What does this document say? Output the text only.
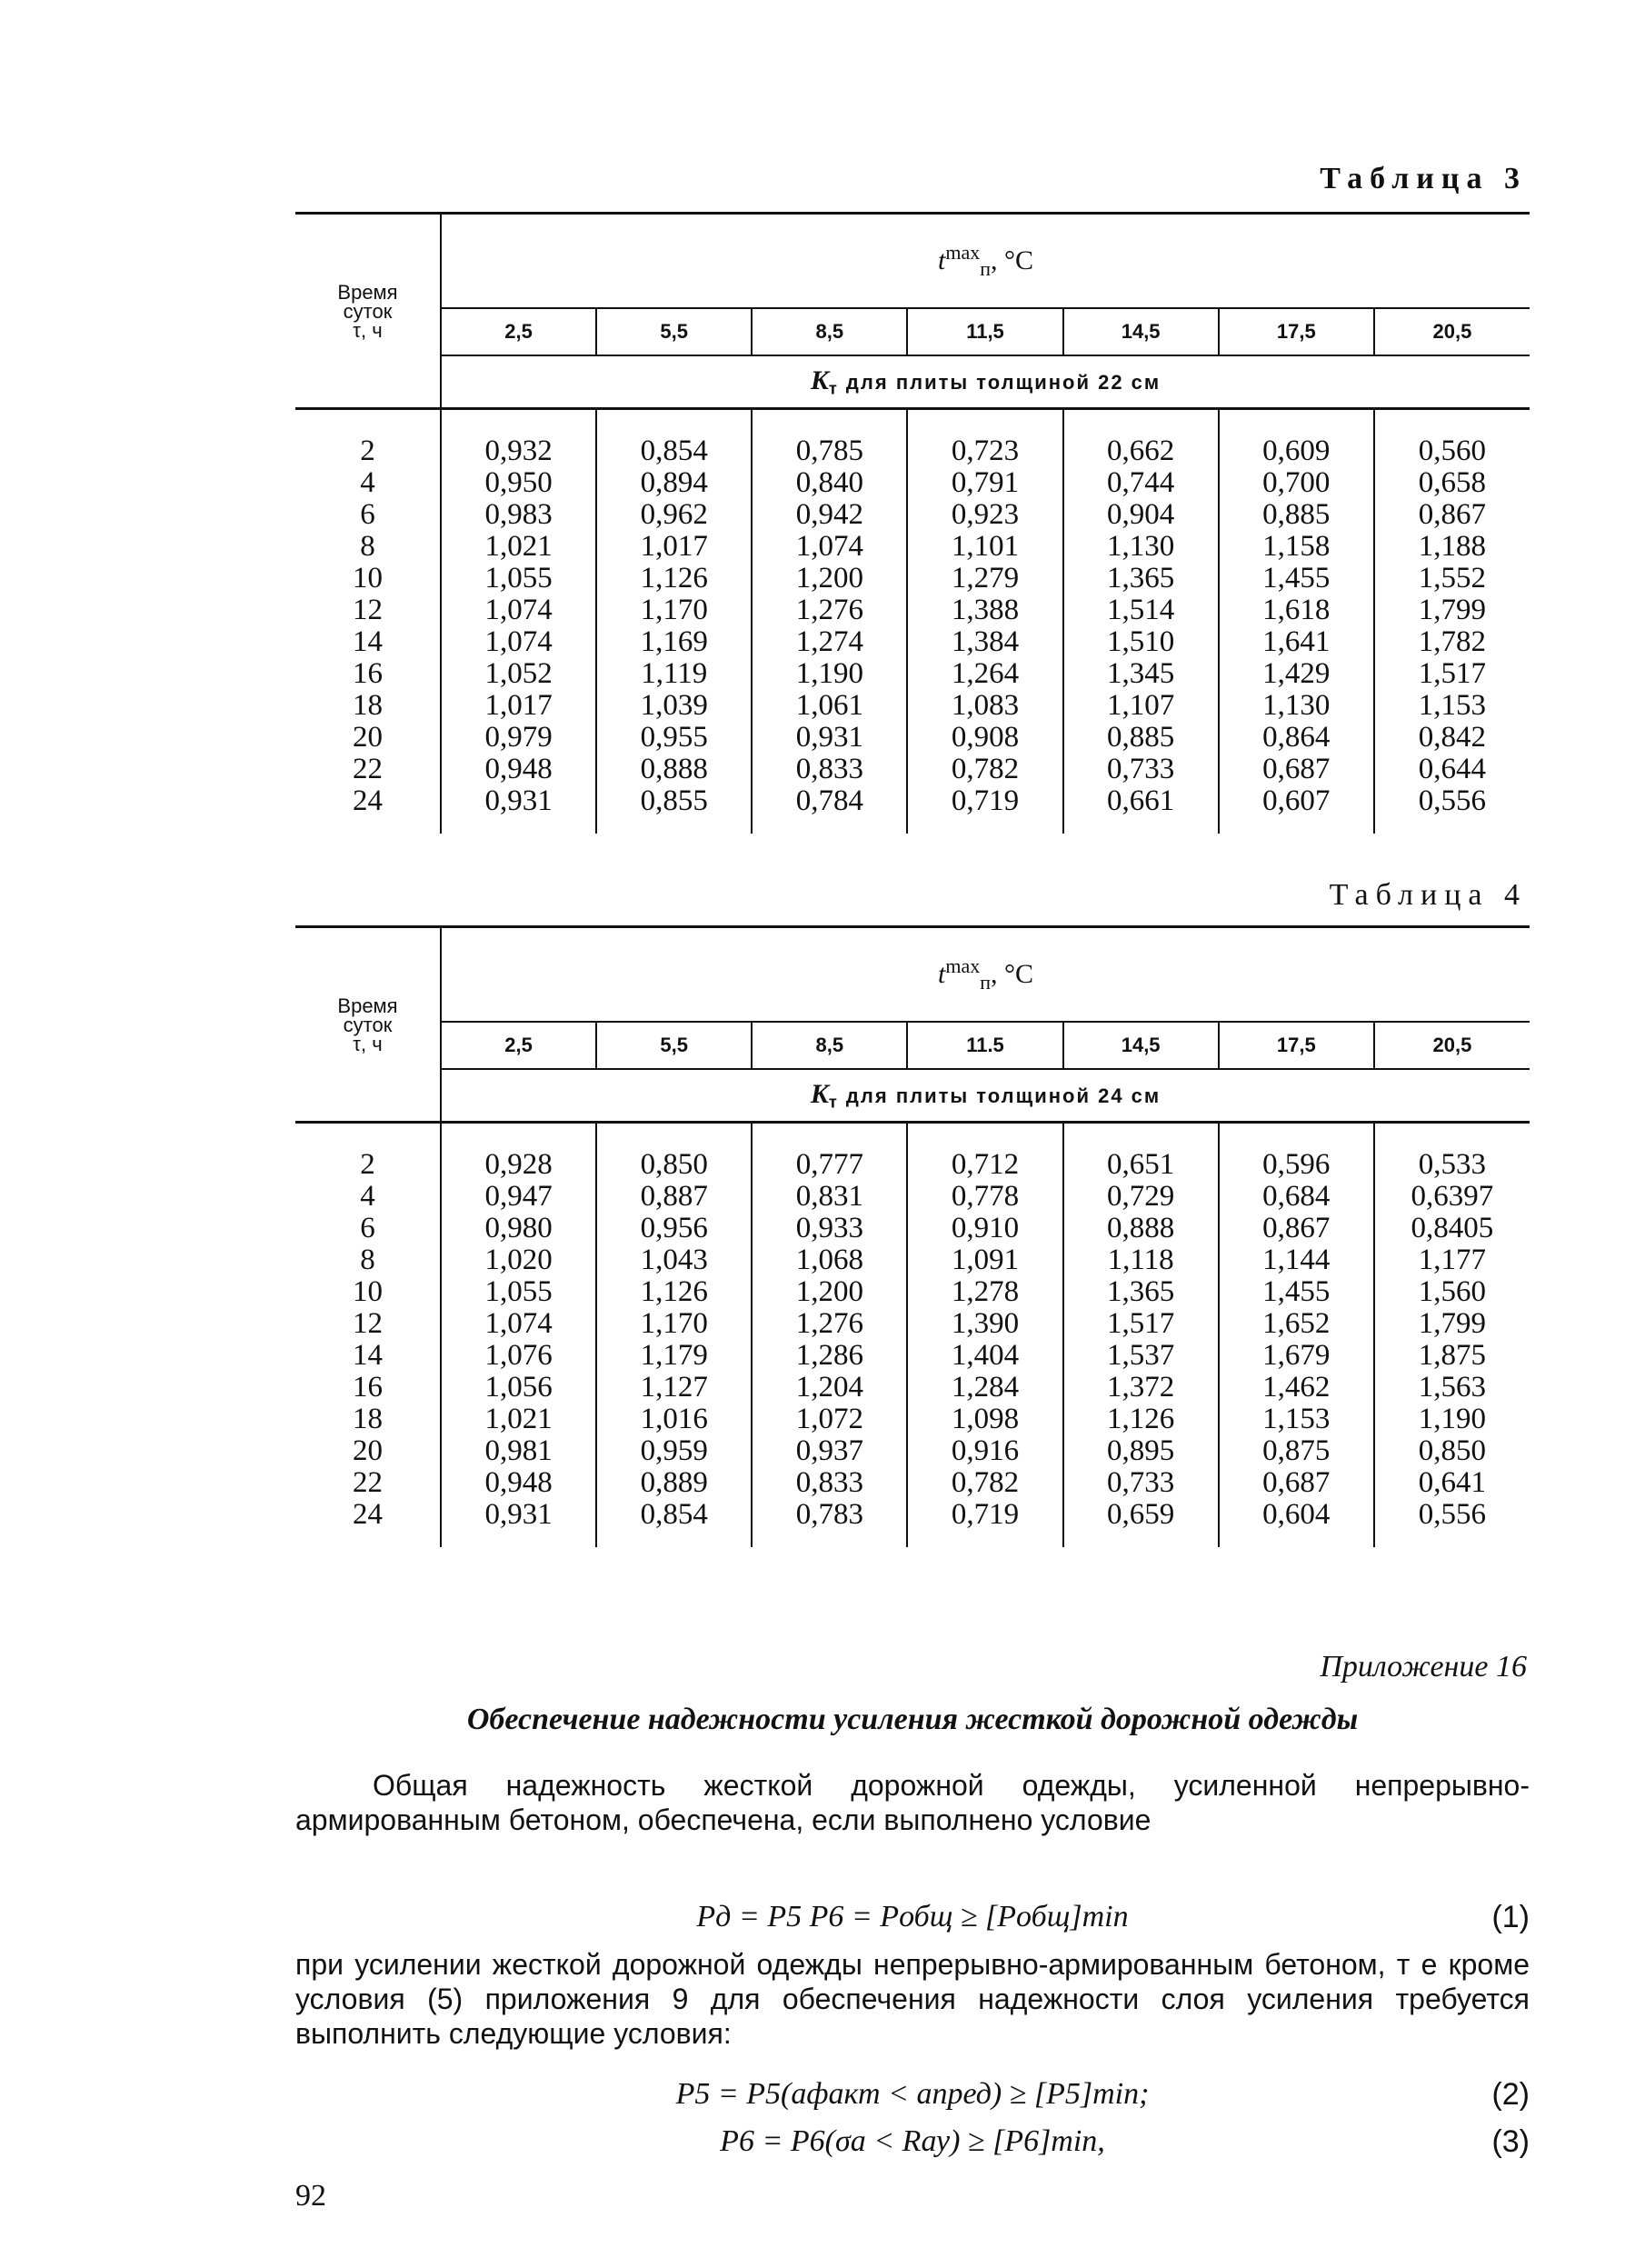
Таблица 3
Время
суток
τ, ч	$t^{max}_п$, °С						
	2,5	5,5	8,5	11,5	14,5	17,5	20,5
	$K_т$ для плиты толщиной 22 см						
2	0,932	0,854	0,785	0,723	0,662	0,609	0,560
4	0,950	0,894	0,840	0,791	0,744	0,700	0,658
6	0,983	0,962	0,942	0,923	0,904	0,885	0,867
8	1,021	1,017	1,074	1,101	1,130	1,158	1,188
10	1,055	1,126	1,200	1,279	1,365	1,455	1,552
12	1,074	1,170	1,276	1,388	1,514	1,618	1,799
14	1,074	1,169	1,274	1,384	1,510	1,641	1,782
16	1,052	1,119	1,190	1,264	1,345	1,429	1,517
18	1,017	1,039	1,061	1,083	1,107	1,130	1,153
20	0,979	0,955	0,931	0,908	0,885	0,864	0,842
22	0,948	0,888	0,833	0,782	0,733	0,687	0,644
24	0,931	0,855	0,784	0,719	0,661	0,607	0,556
Таблица 4
Время
суток
τ, ч	$t^{max}_п$, °С						
	2,5	5,5	8,5	11.5	14,5	17,5	20,5
	$K_т$ для плиты толщиной 24 см						
2	0,928	0,850	0,777	0,712	0,651	0,596	0,533
4	0,947	0,887	0,831	0,778	0,729	0,684	0,6397
6	0,980	0,956	0,933	0,910	0,888	0,867	0,8405
8	1,020	1,043	1,068	1,091	1,118	1,144	1,177
10	1,055	1,126	1,200	1,278	1,365	1,455	1,560
12	1,074	1,170	1,276	1,390	1,517	1,652	1,799
14	1,076	1,179	1,286	1,404	1,537	1,679	1,875
16	1,056	1,127	1,204	1,284	1,372	1,462	1,563
18	1,021	1,016	1,072	1,098	1,126	1,153	1,190
20	0,981	0,959	0,937	0,916	0,895	0,875	0,850
22	0,948	0,889	0,833	0,782	0,733	0,687	0,641
24	0,931	0,854	0,783	0,719	0,659	0,604	0,556
Приложение 16
Обеспечение надежности усиления жесткой дорожной одежды
Общая надежность жесткой дорожной одежды, усиленной непрерывно-армированным бетоном, обеспечена, если выполнено условие
Pд = P5 P6 = Pобщ ≥ [Pобщ]min	(1)
при усилении жесткой дорожной одежды непрерывно-армированным бетоном, т е кроме условия (5) приложения 9 для обеспечения надежности слоя усиления требуется выполнить следующие условия:
P5 = P5(aфакт < aпред) ≥ [P5]min;	(2)
P6 = P6(σа < Rау) ≥ [P6]min,	(3)
92
